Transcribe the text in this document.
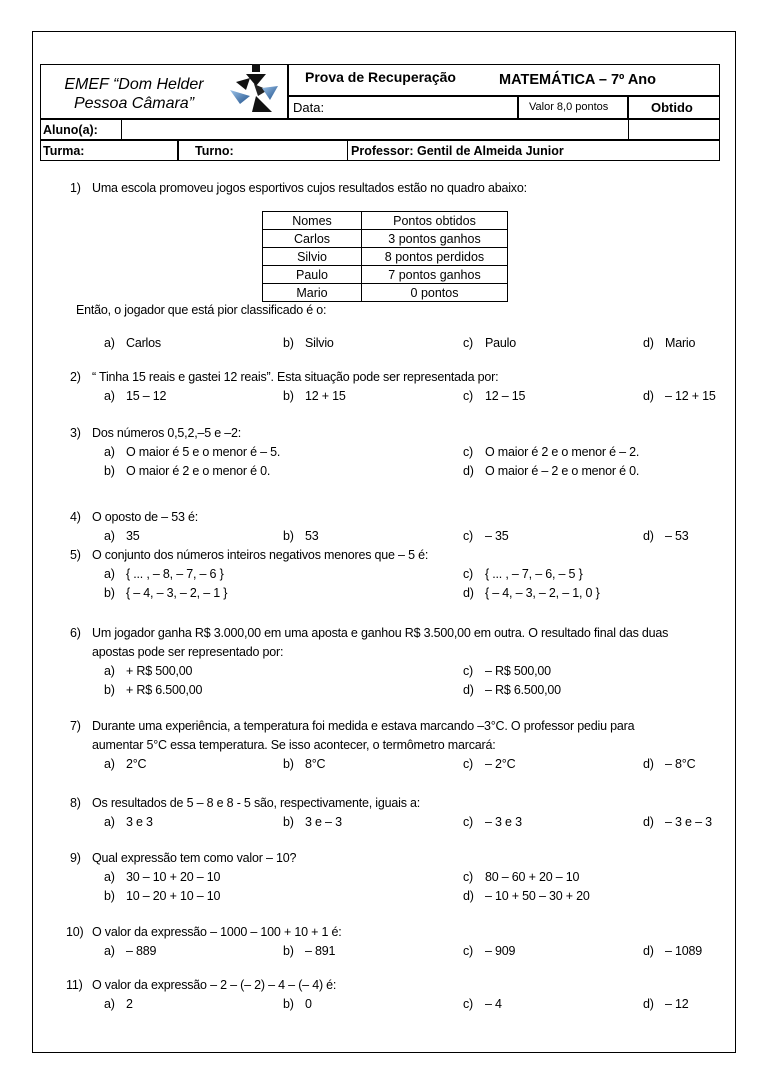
EMEF “Dom Helder
Pessoa Câmara”
Prova de Recuperação	MATEMÁTICA – 7º Ano
Data:	Valor 8,0 pontos	Obtido
Aluno(a):
Professor: Gentil de Almeida Junior
Turma:	Turno:
1) Uma escola promoveu jogos esportivos cujos resultados estão no quadro abaixo:
Nomes	Pontos obtidos
Carlos	3 pontos ganhos
Silvio	8 pontos perdidos
Paulo	7 pontos ganhos
Mario	0 pontos
Então, o jogador que está pior classificado é o:
a) Carlos	b) Silvio	c) Paulo	d) Mario
2) “ Tinha 15 reais e gastei 12 reais”. Esta situação pode ser representada por:
a) 15 – 12	b) 12 + 15	c) 12 – 15	d) – 12 + 15
3) Dos números 0,5,2,–5 e –2:
a) O maior é 5 e o menor é – 5.
b) O maior é 2 e o menor é 0.
c) O maior é 2 e o menor é – 2.
d) O maior é – 2 e o menor é 0.
4) O oposto de – 53 é:
a) 35	b) 53	c) – 35	d) – 53
5) O conjunto dos números inteiros negativos menores que – 5 é:
a) { ... , – 8, – 7, – 6 }
b) { – 4, – 3, – 2, – 1 }
c) { ... , – 7, – 6, – 5 }
d) { – 4, – 3, – 2, – 1, 0 }
6) Um jogador ganha R$ 3.000,00 em uma aposta e ganhou R$ 3.500,00 em outra. O resultado final das duas
apostas pode ser representado por:
a) + R$ 500,00
b) + R$ 6.500,00
c) – R$ 500,00
d) – R$ 6.500,00
7) Durante uma experiência, a temperatura foi medida e estava marcando –3°C. O professor pediu para
aumentar 5°C essa temperatura. Se isso acontecer, o termômetro marcará:
a) 2°C	b) 8°C	c) – 2°C	d) – 8°C
8) Os resultados de 5 – 8 e 8 - 5 são, respectivamente, iguais a:
a) 3 e 3	b) 3 e – 3	c) – 3 e 3	d) – 3 e – 3
9) Qual expressão tem como valor – 10?
a) 30 – 10 + 20 – 10
b) 10 – 20 + 10 – 10
c) 80 – 60 + 20 – 10
d) – 10 + 50 – 30 + 20
10) O valor da expressão – 1000 – 100 + 10 + 1 é:
a) – 889	b) – 891	c) – 909	d) – 1089
11) O valor da expressão – 2 – (– 2) – 4 – (– 4) é:
a) 2	b) 0	c) – 4	d) – 12
